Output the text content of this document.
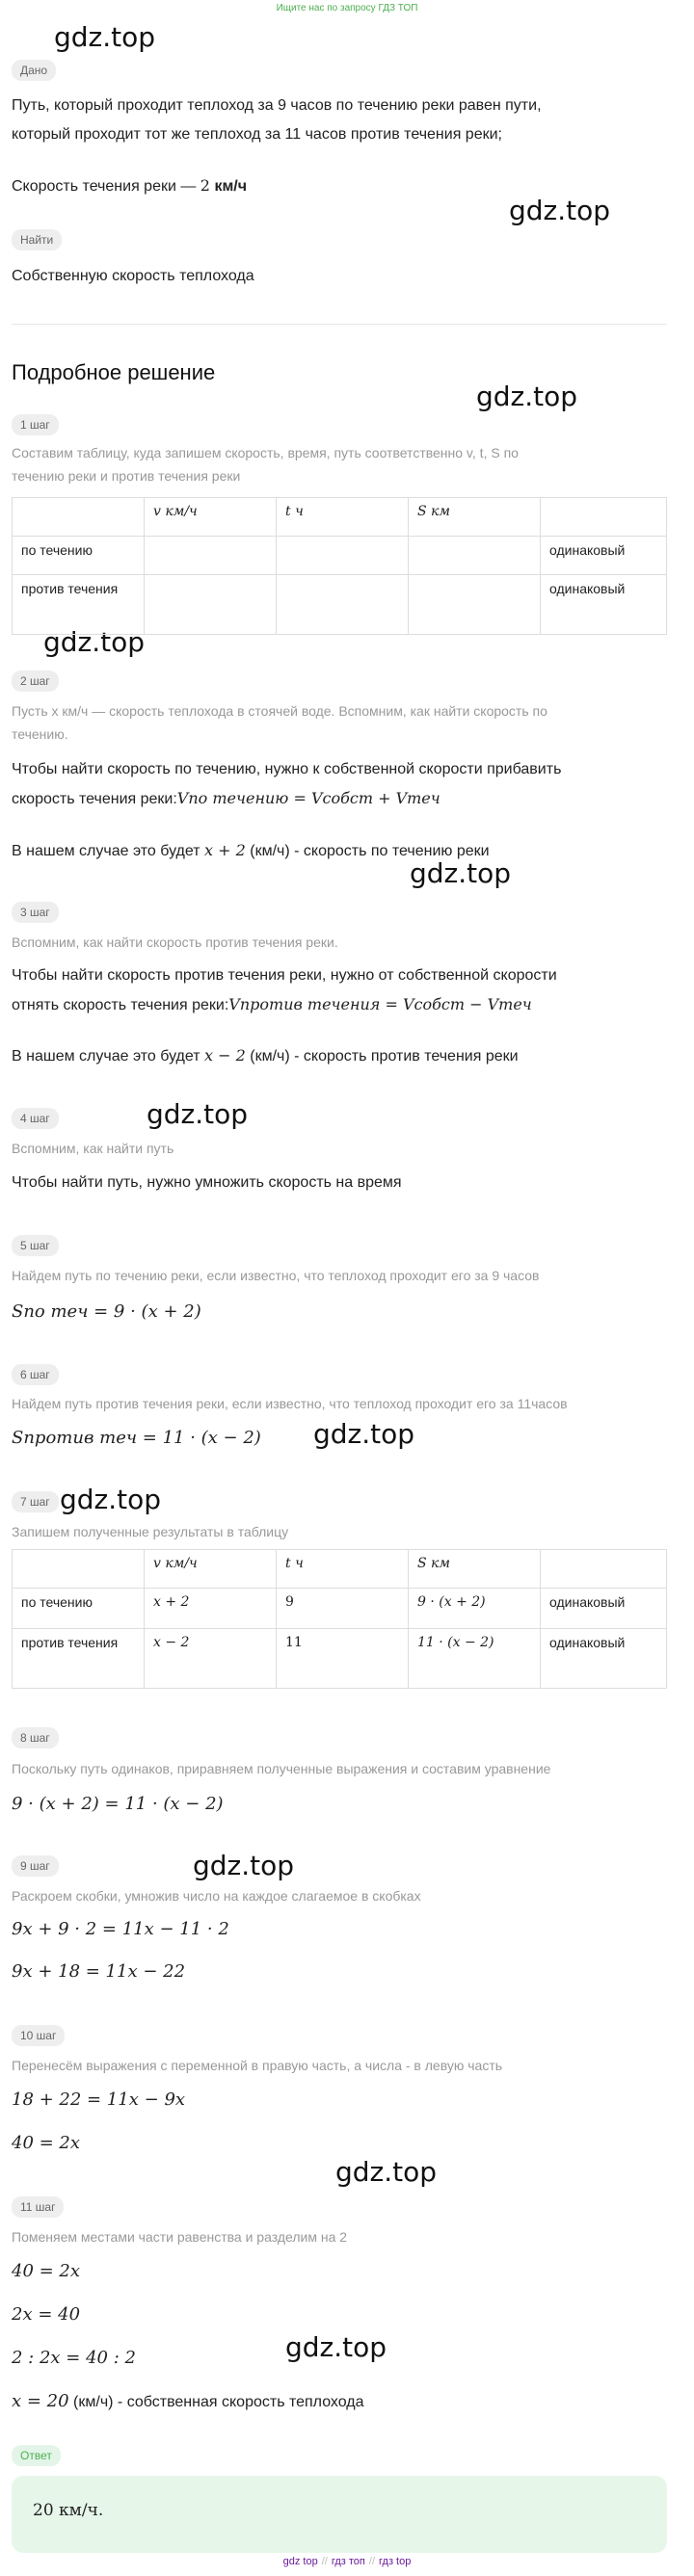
Ищите нас по запросу ГДЗ ТОП
gdz.top
gdz.top
gdz.top
gdz.top
gdz.top
gdz.top
gdz.top
gdz.top
gdz.top
gdz.top
gdz.top
Дано
Путь, который проходит теплоход за 9 часов по течению реки равен пути,
который проходит тот же теплоход за 11 часов против течения реки;
Скорость течения реки — 2 км/ч
Найти
Собственную скорость теплохода
Подробное решение
1 шаг
Составим таблицу, куда запишем скорость, время, путь соответственно v, t, S по
течению реки и против течения реки
	v км/ч	t ч	S км	
по течению				одинаковый
против течения				одинаковый
2 шаг
Пусть x км/ч — скорость теплохода в стоячей воде. Вспомним, как найти скорость по
течению.
Чтобы найти скорость по течению, нужно к собственной скорости прибавить
скорость течения реки:Vпо течению = Vсобст + Vтеч
В нашем случае это будет x + 2 (км/ч) - скорость по течению реки
3 шаг
Вспомним, как найти скорость против течения реки.
Чтобы найти скорость против течения реки, нужно от собственной скорости
отнять скорость течения реки:Vпротив течения = Vсобст − Vтеч
В нашем случае это будет x − 2 (км/ч) - скорость против течения реки
4 шаг
Вспомним, как найти путь
Чтобы найти путь, нужно умножить скорость на время
5 шаг
Найдем путь по течению реки, если известно, что теплоход проходит его за 9 часов
Sпо теч = 9 · (x + 2)
6 шаг
Найдем путь против течения реки, если известно, что теплоход проходит его за 11часов
Sпротив теч = 11 · (x − 2)
7 шаг
Запишем полученные результаты в таблицу
	v км/ч	t ч	S км	
по течению	x + 2	9	9 · (x + 2)	одинаковый
против течения	x − 2	11	11 · (x − 2)	одинаковый
8 шаг
Поскольку путь одинаков, приравняем полученные выражения и составим уравнение
9 · (x + 2) = 11 · (x − 2)
9 шаг
Раскроем скобки, умножив число на каждое слагаемое в скобках
9x + 9 · 2 = 11x − 11 · 2
9x + 18 = 11x − 22
10 шаг
Перенесём выражения с переменной в правую часть, а числа - в левую часть
18 + 22 = 11x − 9x
40 = 2x
11 шаг
Поменяем местами части равенства и разделим на 2
40 = 2x
2x = 40
2 : 2x = 40 : 2
x = 20 (км/ч) - собственная скорость теплохода
Ответ
20 км/ч.
gdz top // гдз топ // гдз top
